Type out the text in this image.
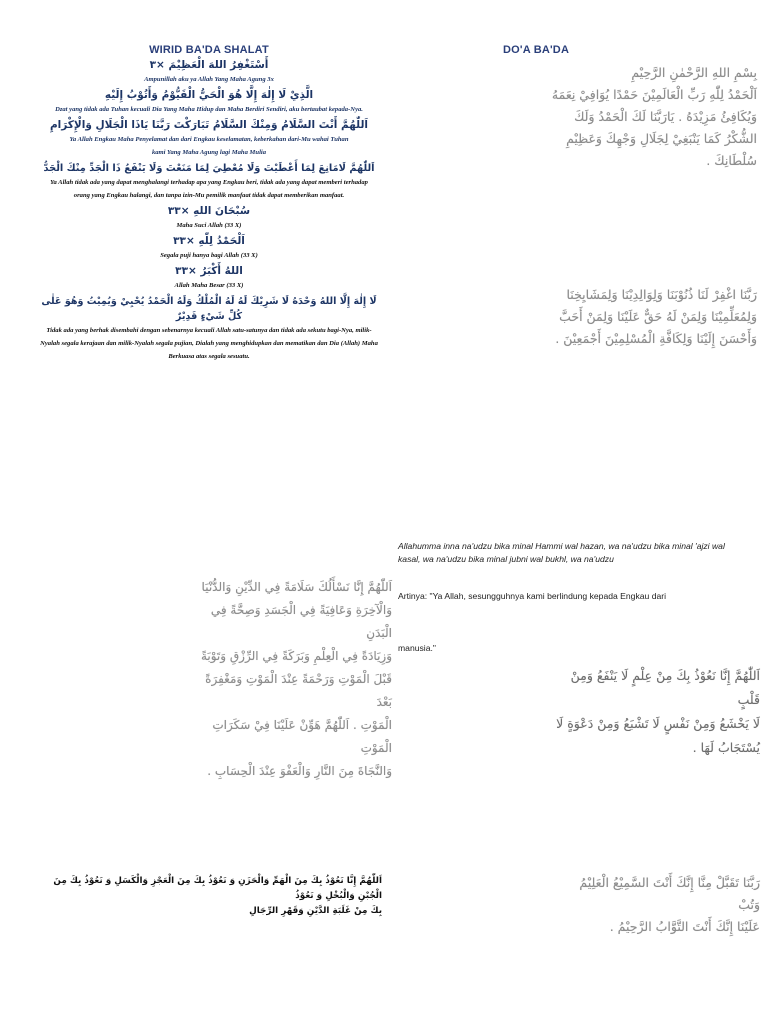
WIRID BA'DA SHALAT
أَسْتَغْفِرُ اللهَ الْعَظِيْمَ ×٣
Ampunillah aku ya Allah Yang Maha Agung 3x
الَّذِيْ لَا إِلٰهَ إِلَّا هُوَ الْحَيُّ الْقَيُّوْمُ وَأَتُوْبُ إِلَيْهِ
Dzat yang tidak ada Tuhan kecuali Dia Yang Maha Hidup dan Maha Berdiri Sendiri, aku bertaubat kepada-Nya.
اَللّٰهُمَّ أَنْتَ السَّلَامُ وَمِنْكَ السَّلَامُ تَبَارَكْتَ رَبَّنَا يَاذَا الْجَلَالِ وَالْإِكْرَامِ
Ya Allah Engkau Maha Penyelamat dan dari Engkau keselamatan, keberkahan dari-Mu wahai Tuhan kami Yang Maha Agung lagi Maha Mulia
اَللّٰهُمَّ لَامَانِعَ لِمَا أَعْطَيْتَ وَلَا مُعْطِيَ لِمَا مَنَعْتَ وَلَا يَنْفَعُ ذَا الْجَدِّ مِنْكَ الْجَدُّ
Ya Allah tidak ada yang dapat menghalangi terhadap apa yang Engkau beri, tidak ada yang dapat memberi terhadap orang yang Engkau halangi, dan tanpa izin-Mu pemilik manfaat tidak dapat memberikan manfaat.
سُبْحَانَ اللهِ ×٣٣
Maha Suci Allah (33 X)
اَلْحَمْدُ لِلّٰهِ ×٣٣
Segala puji hanya bagi Allah (33 X)
اللهُ أَكْبَرُ ×٣٣
Allah Maha Besar (33 X)
لَا إِلٰهَ إِلَّا اللهُ وَحْدَهُ لَا شَرِيْكَ لَهُ لَهُ الْمُلْكُ وَلَهُ الْحَمْدُ يُحْيِيْ وَيُمِيْتُ وَهُوَ عَلٰى كُلِّ شَيْءٍ قَدِيْرٌ
Tidak ada yang berhak disembahi dengan sebenarnya kecuali Allah satu-satunya dan tidak ada sekutu bagi-Nya, milik-Nyalah segala kerajaan dan milik-Nyalah segala pujian, Dialah yang menghidupkan dan mematikan dan Dia (Allah) Maha Berkuasa atas segala sesuatu.
DO'A BA'DA
بِسْمِ اللهِ الرَّحْمٰنِ الرَّحِيْمِ
اَلْحَمْدُ لِلّٰهِ رَبِّ الْعَالَمِيْنَ حَمْدًا يُوَافِيْ نِعَمَهُ
وَيُكَافِئُ مَزِيْدَهُ . يَارَبَّنَا لَكَ الْحَمْدُ وَلَكَ
الشُّكْرُ كَمَا يَنْبَغِيْ لِجَلَالِ وَجْهِكَ وَعَظِيْمِ
سُلْطَانِكَ .
رَبَّنَا اغْفِرْ لَنَا ذُنُوْبَنَا وَلِوَالِدِيْنَا وَلِمَشَايِخِنَا
وَلِمُعَلِّمِيْنَا وَلِمَنْ لَهُ حَقٌّ عَلَيْنَا وَلِمَنْ أَحَبَّ
وَأَحْسَنَ إِلَيْنَا وَلِكَافَّةِ الْمُسْلِمِيْنَ أَجْمَعِيْنَ .
Allahumma inna na'udzu bika minal Hammi wal hazan, wa na'udzu bika minal 'ajzi wal kasal, wa na'udzu bika minal jubni wal bukhl, wa na'udzu
Artinya: "Ya Allah, sesungguhnya kami berlindung kepada Engkau dari
manusia."
اَللّٰهُمَّ إِنَّا نَعُوْذُ بِكَ مِنْ عِلْمٍ لَا يَنْفَعُ وَمِنْ قَلْبٍ
لَا يَخْشَعُ وَمِنْ نَفْسٍ لَا تَشْبَعُ وَمِنْ دَعْوَةٍ لَا
يُسْتَجَابُ لَهَا .
اَللّٰهُمَّ إِنَّا نَسْأَلُكَ سَلَامَةً فِي الدِّيْنِ وَالدُّنْيَا
وَالْآخِرَةِ وَعَافِيَةً فِي الْجَسَدِ وَصِحَّةً فِي الْبَدَنِ
وَزِيَادَةً فِي الْعِلْمِ وَبَرَكَةً فِي الرِّزْقِ وَتَوْبَةً
قَبْلَ الْمَوْتِ وَرَحْمَةً عِنْدَ الْمَوْتِ وَمَغْفِرَةً بَعْدَ
الْمَوْتِ . اَللّٰهُمَّ هَوِّنْ عَلَيْنَا فِيْ سَكَرَاتِ الْمَوْتِ
وَالنَّجَاةَ مِنَ النَّارِ وَالْعَفْوَ عِنْدَ الْحِسَابِ .
اَللّٰهُمَّ إِنَّا نَعُوْذُ بِكَ مِنَ الْهَمِّ وَالْحَزَنِ وَ نَعُوْذُ بِكَ مِنَ الْعَجْزِ وَالْكَسَلِ وَ نَعُوْذُ بِكَ مِنَ الْجُبْنِ وَالْبُخْلِ وَ نَعُوْذُ
بِكَ مِنْ غَلَبَةِ الدَّيْنِ وَقَهْرِ الرِّجَالِ
رَبَّنَا تَقَبَّلْ مِنَّا إِنَّكَ أَنْتَ السَّمِيْعُ الْعَلِيْمُ وَتُبْ
عَلَيْنَا إِنَّكَ أَنْتَ التَّوَّابُ الرَّحِيْمُ .
